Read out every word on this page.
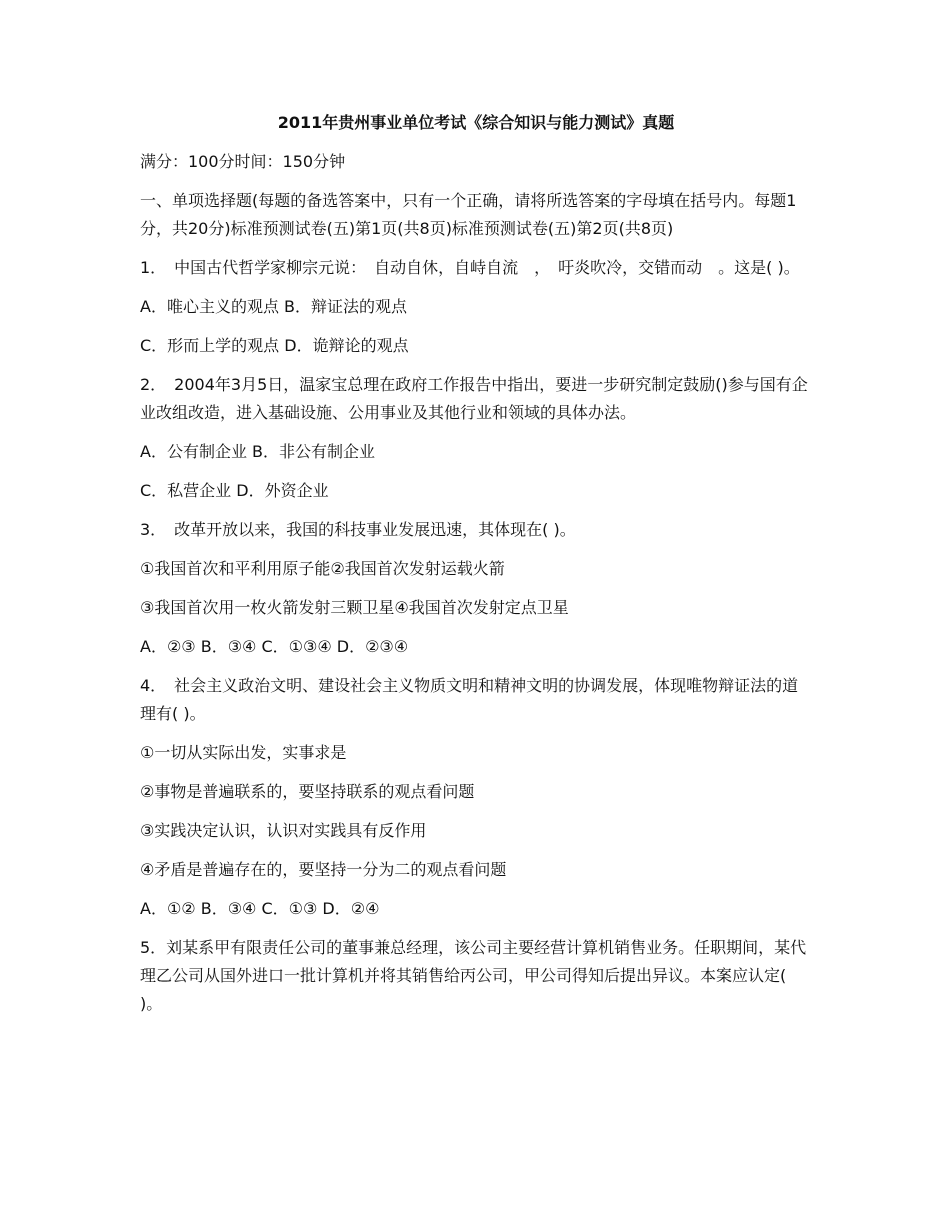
2011年贵州事业单位考试《综合知识与能力测试》真题
满分：100分时间：150分钟
一、单项选择题(每题的备选答案中，只有一个正确，请将所选答案的字母填在括号内。每题1分，共20分)标准预测试卷(五)第1页(共8页)标准预测试卷(五)第2页(共8页)
1．　中国古代哲学家柳宗元说：　自动自休，自峙自流　，　吁炎吹冷，交错而动　。这是( )。
A．唯心主义的观点 B．辩证法的观点
C．形而上学的观点 D．诡辩论的观点
2．　2004年3月5日，温家宝总理在政府工作报告中指出，要进一步研究制定鼓励()参与国有企业改组改造，进入基础设施、公用事业及其他行业和领域的具体办法。
A．公有制企业 B．非公有制企业
C．私营企业 D．外资企业
3．　改革开放以来，我国的科技事业发展迅速，其体现在( )。
①我国首次和平利用原子能②我国首次发射运载火箭
③我国首次用一枚火箭发射三颗卫星④我国首次发射定点卫星
A．②③ B．③④ C．①③④ D．②③④
4．　社会主义政治文明、建设社会主义物质文明和精神文明的协调发展，体现唯物辩证法的道理有( )。
①一切从实际出发，实事求是
②事物是普遍联系的，要坚持联系的观点看问题
③实践决定认识，认识对实践具有反作用
④矛盾是普遍存在的，要坚持一分为二的观点看问题
A．①② B．③④ C．①③ D．②④
5．刘某系甲有限责任公司的董事兼总经理，该公司主要经营计算机销售业务。任职期间，某代理乙公司从国外进口一批计算机并将其销售给丙公司，甲公司得知后提出异议。本案应认定( )。
